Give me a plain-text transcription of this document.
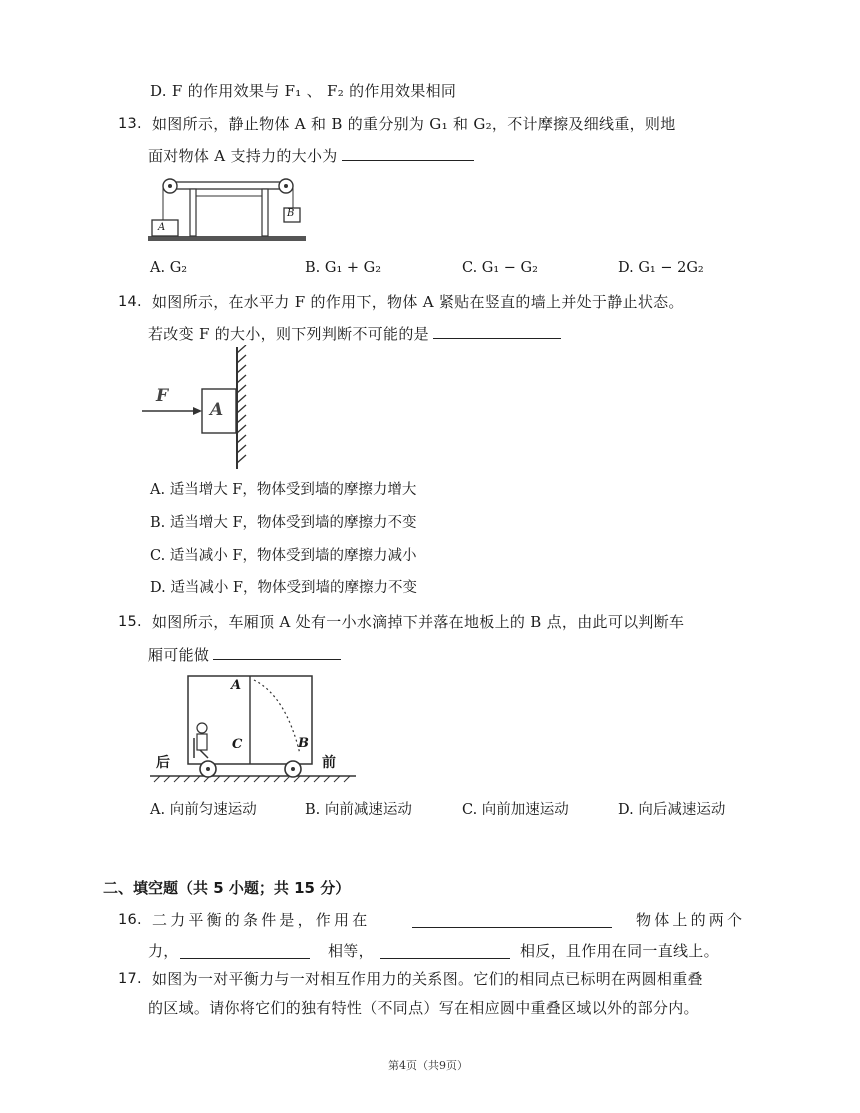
D. F 的作用效果与 F₁ 、 F₂ 的作用效果相同
13. 如图所示，静止物体 A 和 B 的重分别为 G₁ 和 G₂，不计摩擦及细线重，则地
面对物体 A 支持力的大小为
A
B
A. G₂	B. G₁ + G₂	C. G₁ − G₂	D. G₁ − 2G₂
14. 如图所示，在水平力 F 的作用下，物体 A 紧贴在竖直的墙上并处于静止状态。
若改变 F 的大小，则下列判断不可能的是
F
A
A. 适当增大 F，物体受到墙的摩擦力增大
B. 适当增大 F，物体受到墙的摩擦力不变
C. 适当减小 F，物体受到墙的摩擦力减小
D. 适当减小 F，物体受到墙的摩擦力不变
15. 如图所示，车厢顶 A 处有一小水滴掉下并落在地板上的 B 点，由此可以判断车
厢可能做
A
C	B
后	前
A. 向前匀速运动	B. 向前减速运动	C. 向前加速运动	D. 向后减速运动
二、填空题（共 5 小题；共 15 分）
16. 二力平衡的条件是，作用在	物体上的两个
力，	相等，	相反，且作用在同一直线上。
17. 如图为一对平衡力与一对相互作用力的关系图。它们的相同点已标明在两圆相重叠
的区域。请你将它们的独有特性（不同点）写在相应圆中重叠区域以外的部分内。
第4页（共9页）
